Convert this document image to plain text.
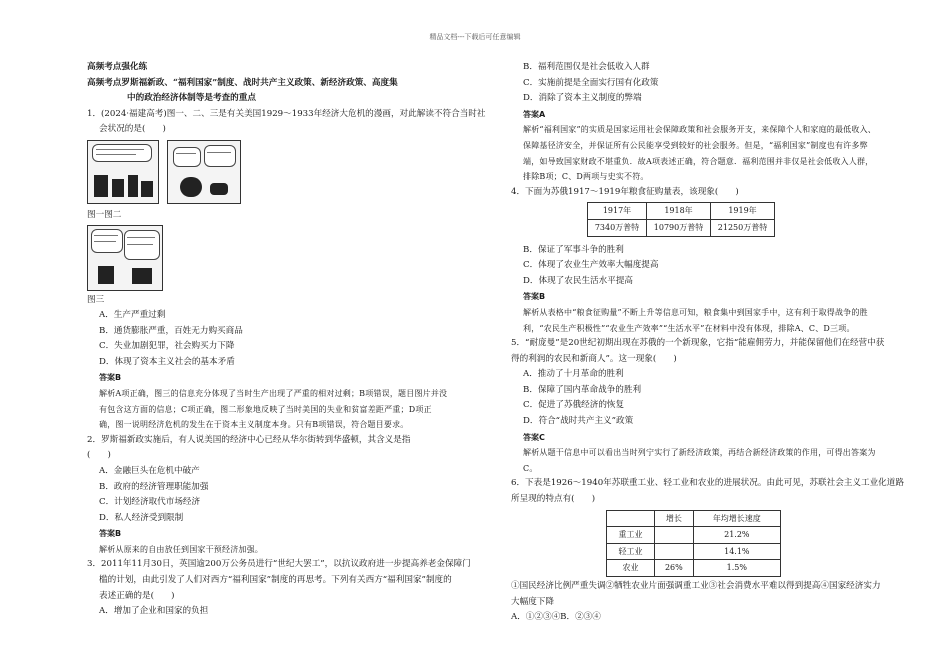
精品文档---下载后可任意编辑

高频考点强化练

高频考点罗斯福新政、“福利国家”制度、战时共产主义政策、新经济政策、高度集

中的政治经济体制等是考查的重点

1．(2024·福建高考)图一、二、三是有关美国1929～1933年经济大危机的漫画，对此解读不符合当时社

会状况的是(　　)

图一图二

图三

A．生产严重过剩

B．通货膨胀严重，百姓无力购买商品

C．失业加剧犯罪，社会购买力下降

D．体现了资本主义社会的基本矛盾

答案B

解析A项正确，图三的信息充分体现了当时生产出现了严重的相对过剩；B项错误，题目图片并没

有包含这方面的信息；C项正确，图二形象地反映了当时美国的失业和贫富差距严重；D项正

确，图一说明经济危机的发生在于资本主义制度本身。只有B项错误，符合题目要求。

2．罗斯福新政实施后，有人说美国的经济中心已经从华尔街转到华盛顿，其含义是指

(　　)

A．金融巨头在危机中破产

B．政府的经济管理职能加强

C．计划经济取代市场经济

D．私人经济受到限制

答案B

解析从原来的自由放任到国家干预经济加强。

3．2011年11月30日，英国逾200万公务员进行“世纪大罢工”，以抗议政府进一步提高养老金保障门

槛的计划，由此引发了人们对西方“福利国家”制度的再思考。下列有关西方“福利国家”制度的

表述正确的是(　　)

A．增加了企业和国家的负担

B．福利范围仅是社会低收入人群

C．实施前提是全面实行国有化政策

D．消除了资本主义制度的弊端

答案A

解析“福利国家”的实质是国家运用社会保障政策和社会服务开支，来保障个人和家庭的最低收入、

保障基径济安全，并保证所有公民能享受到较好的社会服务。但是，“福利国家”制度也有许多弊

端，如导致国家财政不堪重负．故A项表述正确，符合题意．福利范围并非仅是社会低收入人群，

排除B项；C、D两项与史实不符。

4．下面为苏俄1917～1919年粮食征购量表，该现象(　　)

1917年	1918年	1919年
7340万普特	10790万普特	21250万普特

B．保证了军事斗争的胜利

C．体现了农业生产效率大幅度提高

D．体现了农民生活水平提高

答案B

解析从表格中“粮食征购量”不断上升等信息可知，粮食集中到国家手中，这有利于取得战争的胜

利，“农民生产积极性”“农业生产效率”“生活水平”在材料中没有体现，排除A、C、D三项。

5．“耐庞曼”是20世纪初期出现在苏俄的一个新现象，它指“能雇佣劳力，并能保留他们在经营中获

得的利润的农民和新商人”。这一现象(　　)

A．推动了十月革命的胜利

B．保障了国内革命战争的胜利

C．促进了苏俄经济的恢复

D．符合“战时共产主义”政策

答案C

解析从题干信息中可以看出当时列宁实行了新经济政策，再结合新经济政策的作用，可得出答案为

C。

6．下表是1926～1940年苏联重工业、轻工业和农业的进展状况。由此可见，苏联社会主义工业化道路

所呈现的特点有(　　)

	增长	年均增长速度
重工业		21.2%
轻工业		14.1%
农业	26%	1.5%

①国民经济比例严重失调②牺牲农业片面强调重工业③社会消费水平难以得到提高④国家经济实力

大幅度下降

A．①②③④B．②③④
